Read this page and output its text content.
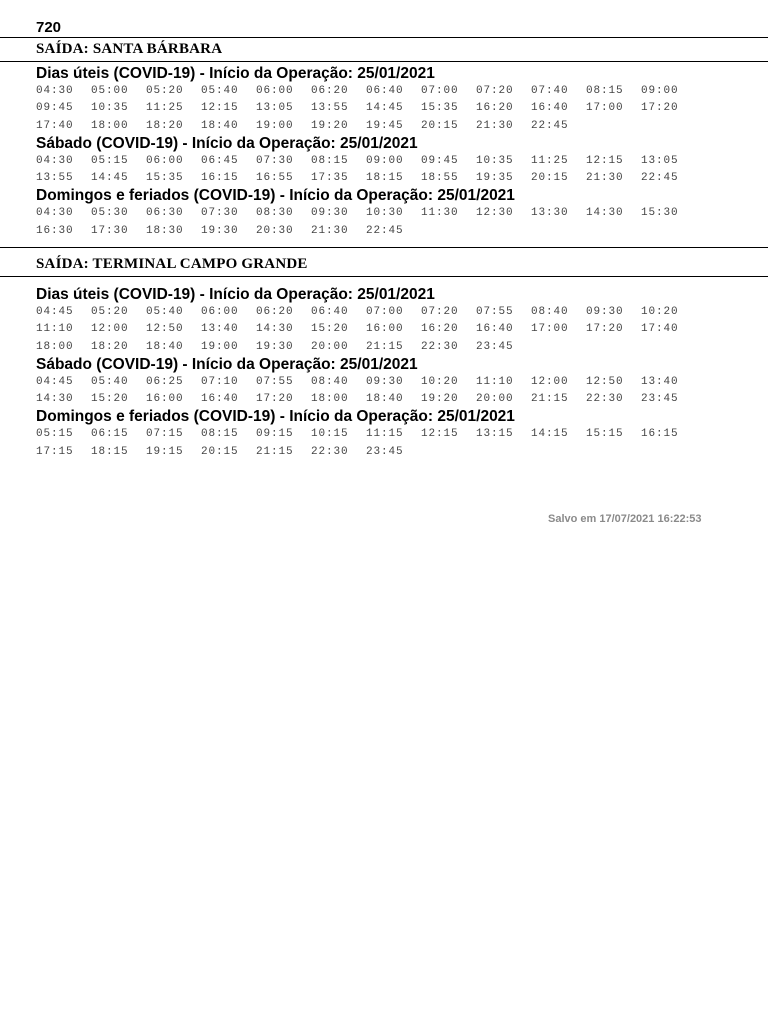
720
SAÍDA: SANTA BÁRBARA

Dias úteis (COVID-19) - Início da Operação: 25/01/2021

04:30	05:00	05:20	05:40	06:00	06:20	06:40	07:00	07:20	07:40	08:15	09:00
09:45	10:35	11:25	12:15	13:05	13:55	14:45	15:35	16:20	16:40	17:00	17:20
17:40	18:00	18:20	18:40	19:00	19:20	19:45	20:15	21:30	22:45

Sábado (COVID-19) - Início da Operação: 25/01/2021

04:30	05:15	06:00	06:45	07:30	08:15	09:00	09:45	10:35	11:25	12:15	13:05
13:55	14:45	15:35	16:15	16:55	17:35	18:15	18:55	19:35	20:15	21:30	22:45

Domingos e feriados (COVID-19) - Início da Operação: 25/01/2021

04:30	05:30	06:30	07:30	08:30	09:30	10:30	11:30	12:30	13:30	14:30	15:30
16:30	17:30	18:30	19:30	20:30	21:30	22:45
SAÍDA: TERMINAL CAMPO GRANDE

Dias úteis (COVID-19) - Início da Operação: 25/01/2021

04:45	05:20	05:40	06:00	06:20	06:40	07:00	07:20	07:55	08:40	09:30	10:20
11:10	12:00	12:50	13:40	14:30	15:20	16:00	16:20	16:40	17:00	17:20	17:40
18:00	18:20	18:40	19:00	19:30	20:00	21:15	22:30	23:45

Sábado (COVID-19) - Início da Operação: 25/01/2021

04:45	05:40	06:25	07:10	07:55	08:40	09:30	10:20	11:10	12:00	12:50	13:40
14:30	15:20	16:00	16:40	17:20	18:00	18:40	19:20	20:00	21:15	22:30	23:45

Domingos e feriados (COVID-19) - Início da Operação: 25/01/2021

05:15	06:15	07:15	08:15	09:15	10:15	11:15	12:15	13:15	14:15	15:15	16:15
17:15	18:15	19:15	20:15	21:15	22:30	23:45
Salvo em 17/07/2021 16:22:53
